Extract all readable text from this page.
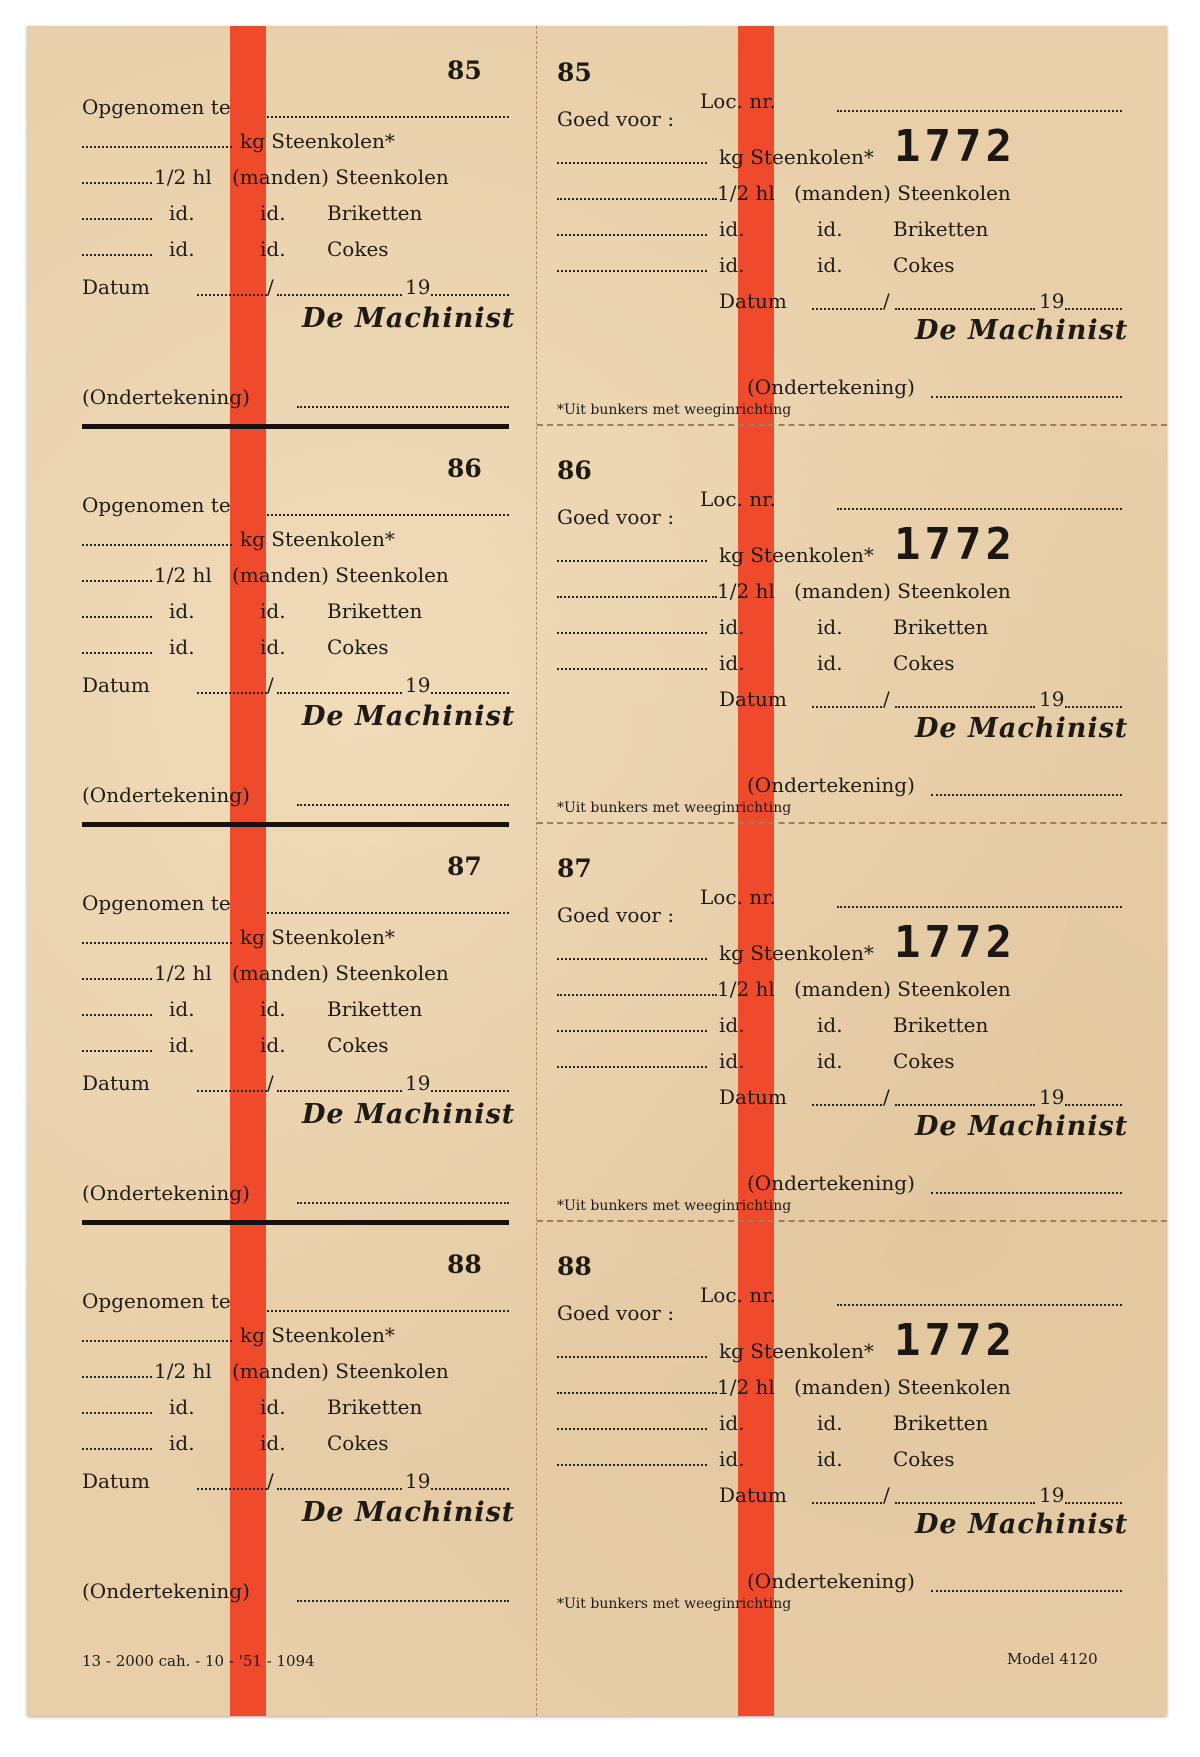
85
Opgenomen te
kg Steenkolen*
1/2 hl (manden) Steenkolen
id.	id. Briketten
id.	id. Cokes
Datum	/	19
De Machinist
(Ondertekening)
86
Opgenomen te
kg Steenkolen*
1/2 hl (manden) Steenkolen
id.	id. Briketten
id.	id. Cokes
Datum	/	19
De Machinist
(Ondertekening)
87
Opgenomen te
kg Steenkolen*
1/2 hl (manden) Steenkolen
id.	id. Briketten
id.	id. Cokes
Datum	/	19
De Machinist
(Ondertekening)
88
Opgenomen te
kg Steenkolen*
1/2 hl (manden) Steenkolen
id.	id. Briketten
id.	id. Cokes
Datum	/	19
De Machinist
(Ondertekening)
85
Loc. nr.
Goed voor :
1772
kg Steenkolen*
1/2 hl (manden) Steenkolen
id.	id.	Briketten
id.	id.	Cokes
Datum	/	19
De Machinist
(Ondertekening)
*Uit bunkers met weeginrichting
86
Loc. nr.
Goed voor :
1772
kg Steenkolen*
1/2 hl (manden) Steenkolen
id.	id.	Briketten
id.	id.	Cokes
Datum	/	19
De Machinist
(Ondertekening)
*Uit bunkers met weeginrichting
87
Loc. nr.
Goed voor :
1772
kg Steenkolen*
1/2 hl (manden) Steenkolen
id.	id.	Briketten
id.	id.	Cokes
Datum	/	19
De Machinist
(Ondertekening)
*Uit bunkers met weeginrichting
88
Loc. nr.
Goed voor :
1772
kg Steenkolen*
1/2 hl (manden) Steenkolen
id.	id.	Briketten
id.	id.	Cokes
Datum	/	19
De Machinist
(Ondertekening)
*Uit bunkers met weeginrichting
13 - 2000 cah. - 10 - '51 - 1094	Model 4120
